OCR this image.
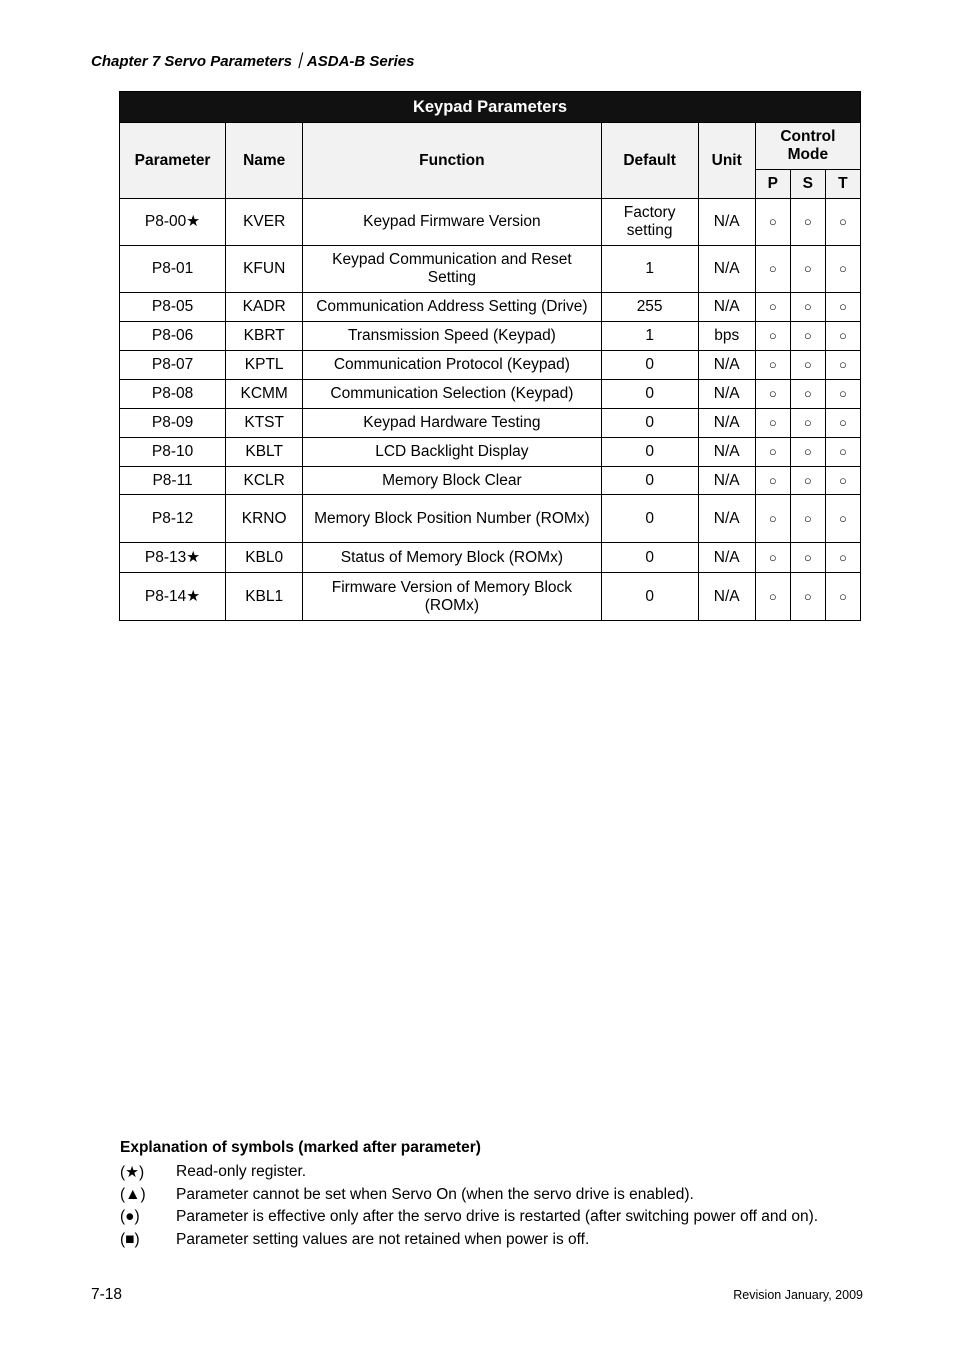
Chapter 7 Servo Parameters｜ASDA-B Series
Keypad Parameters							
Parameter	Name	Function	Default	Unit	Control Mode		
					P	S	T
P8-00★	KVER	Keypad Firmware Version	Factory setting	N/A	○	○	○
P8-01	KFUN	Keypad Communication and Reset Setting	1	N/A	○	○	○
P8-05	KADR	Communication Address Setting (Drive)	255	N/A	○	○	○
P8-06	KBRT	Transmission Speed (Keypad)	1	bps	○	○	○
P8-07	KPTL	Communication Protocol (Keypad)	0	N/A	○	○	○
P8-08	KCMM	Communication Selection (Keypad)	0	N/A	○	○	○
P8-09	KTST	Keypad Hardware Testing	0	N/A	○	○	○
P8-10	KBLT	LCD Backlight Display	0	N/A	○	○	○
P8-11	KCLR	Memory Block Clear	0	N/A	○	○	○
P8-12	KRNO	Memory Block Position Number (ROMx)	0	N/A	○	○	○
P8-13★	KBL0	Status of Memory Block (ROMx)	0	N/A	○	○	○
P8-14★	KBL1	Firmware Version of Memory Block (ROMx)	0	N/A	○	○	○
Explanation of symbols (marked after parameter)
(★)	Read-only register.
(▲)	Parameter cannot be set when Servo On (when the servo drive is enabled).
(●)	Parameter is effective only after the servo drive is restarted (after switching power off and on).
(■)	Parameter setting values are not retained when power is off.
7-18	Revision January, 2009
